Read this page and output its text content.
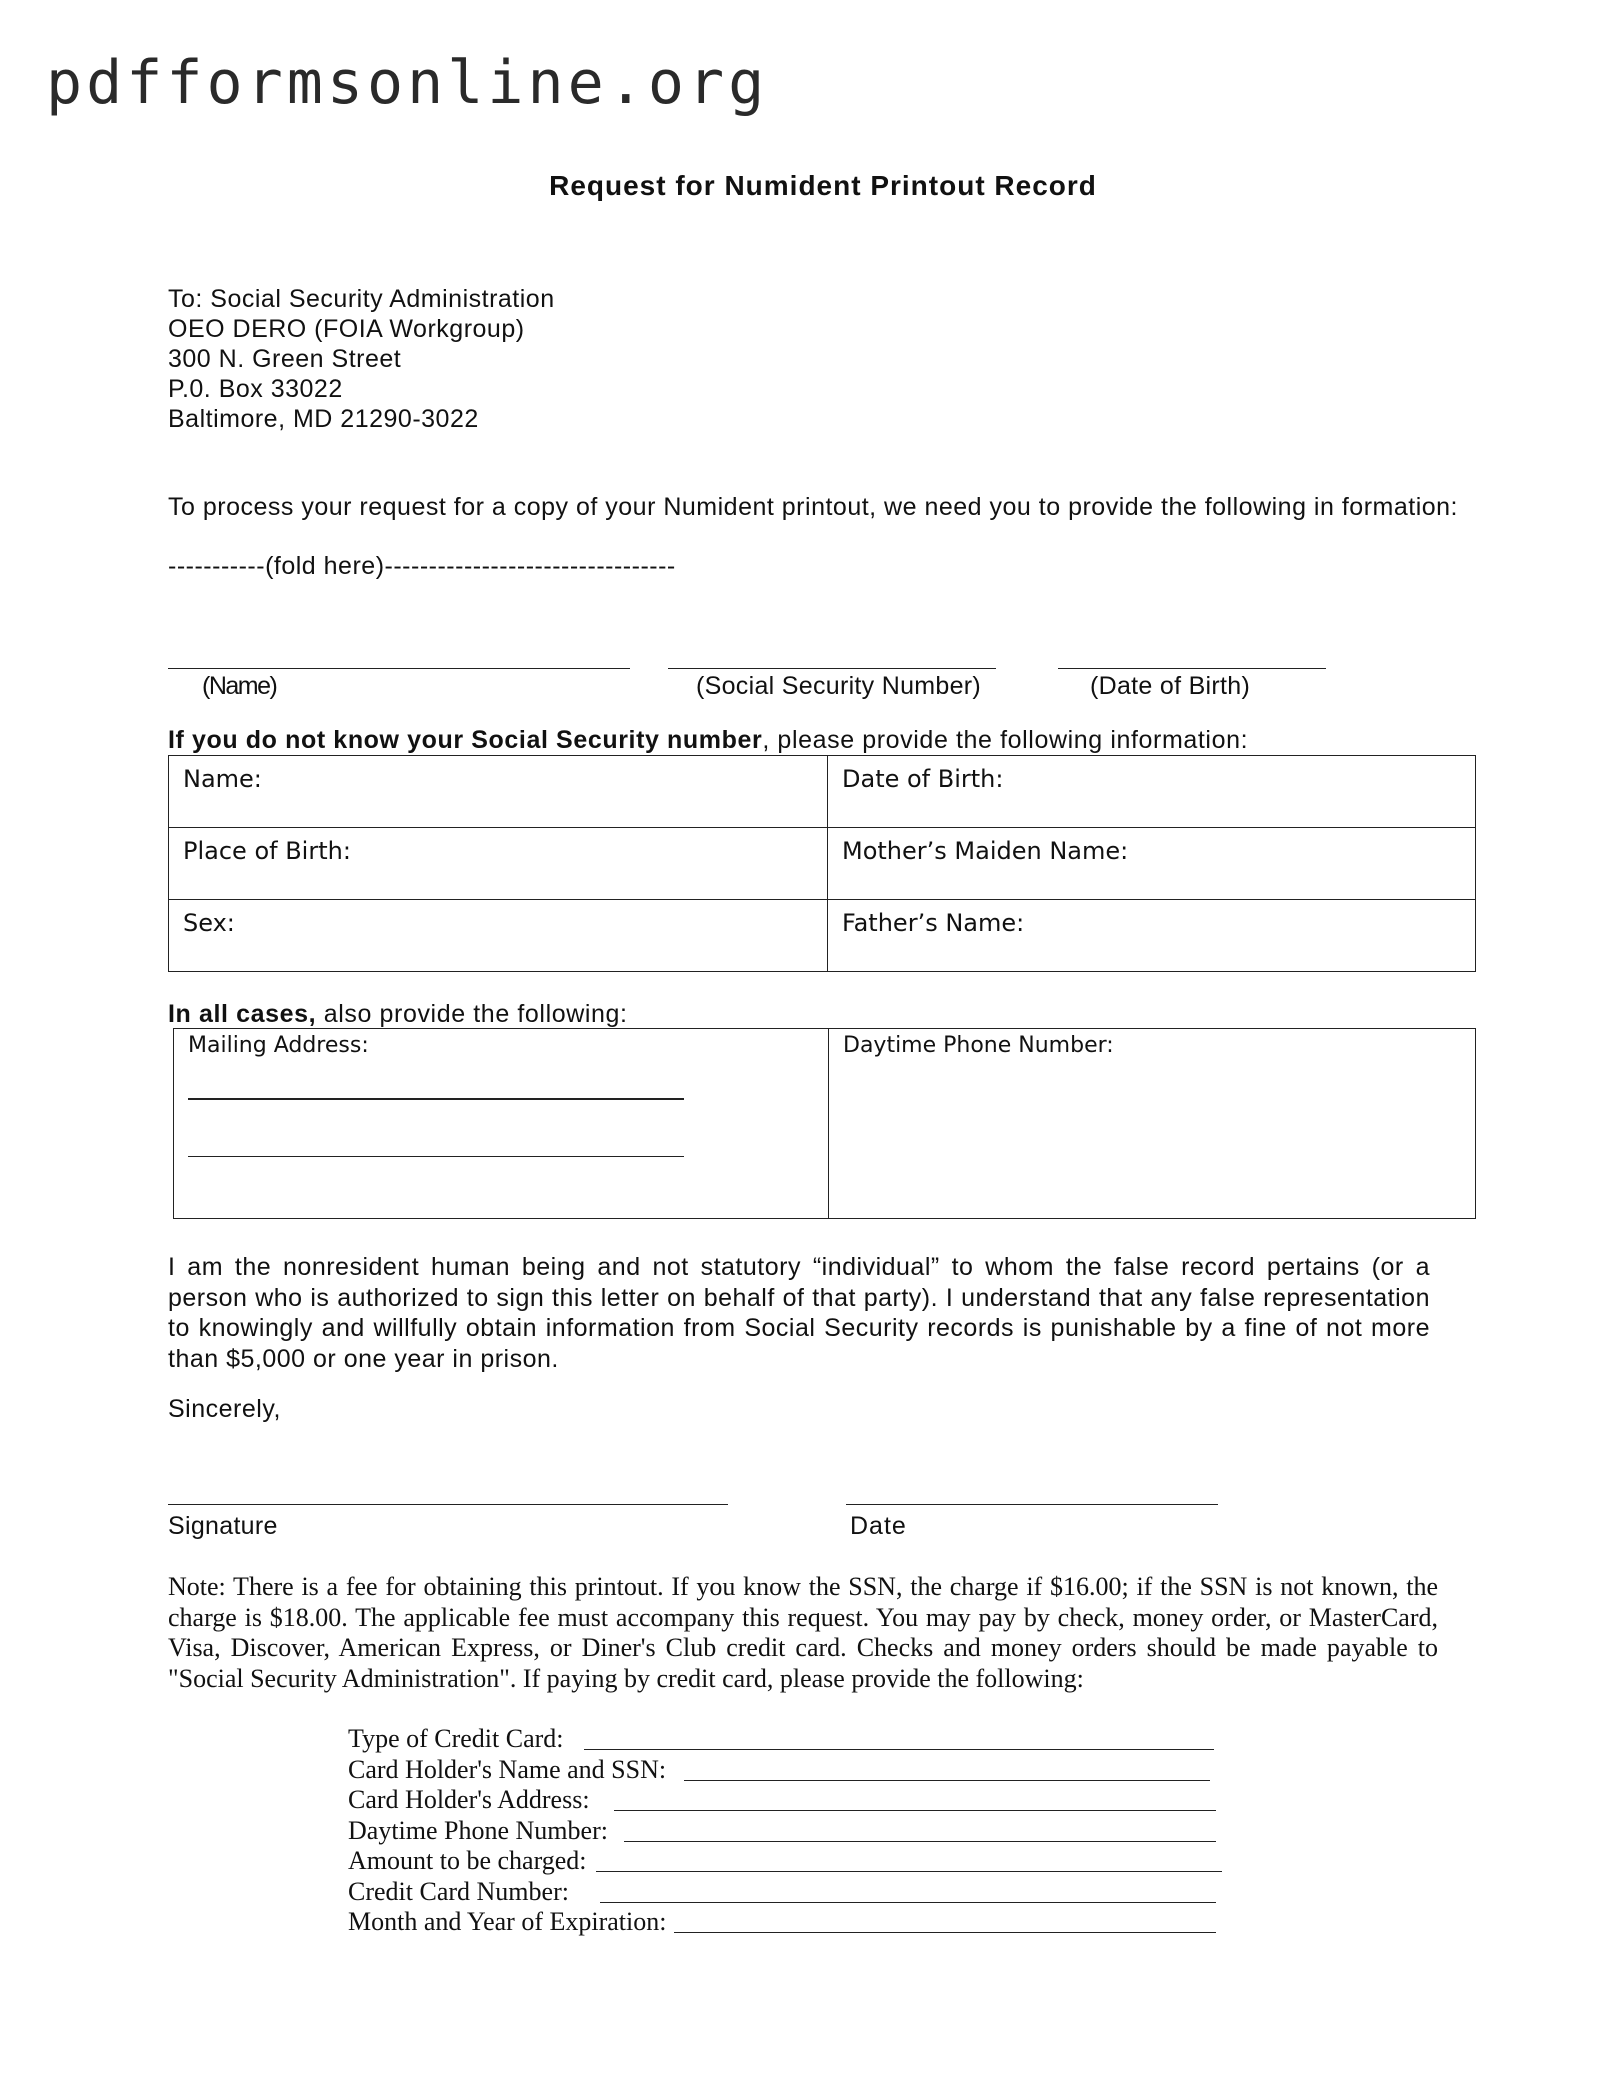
pdfformsonline.org
Request for Numident Printout Record
To: Social Security Administration
OEO DERO (FOIA Workgroup)
300 N. Green Street
P.0. Box 33022
Baltimore, MD 21290-3022
To process your request for a copy of your Numident printout, we need you to provide the following in formation:
-----------(fold here)---------------------------------
(Name)	(Social Security Number)	(Date of Birth)
If you do not know your Social Security number, please provide the following information:
Name:	Date of Birth:
Place of Birth:	Mother’s Maiden Name:
Sex:	Father’s Name:
In all cases, also provide the following:
Mailing Address:	Daytime Phone Number:
I am the nonresident human being and not statutory “individual” to whom the false record pertains (or a person who is authorized to sign this letter on behalf of that party). I understand that any false representation to knowingly and willfully obtain information from Social Security records is punishable by a fine of not more than $5,000 or one year in prison.
Sincerely,
Signature	Date
Note: There is a fee for obtaining this printout. If you know the SSN, the charge if $16.00; if the SSN is not known, the charge is $18.00. The applicable fee must accompany this request. You may pay by check, money order, or MasterCard, Visa, Discover, American Express, or Diner's Club credit card. Checks and money orders should be made payable to "Social Security Administration". If paying by credit card, please provide the following:
Type of Credit Card:
Card Holder's Name and SSN:
Card Holder's Address:
Daytime Phone Number:
Amount to be charged:
Credit Card Number:
Month and Year of Expiration:
